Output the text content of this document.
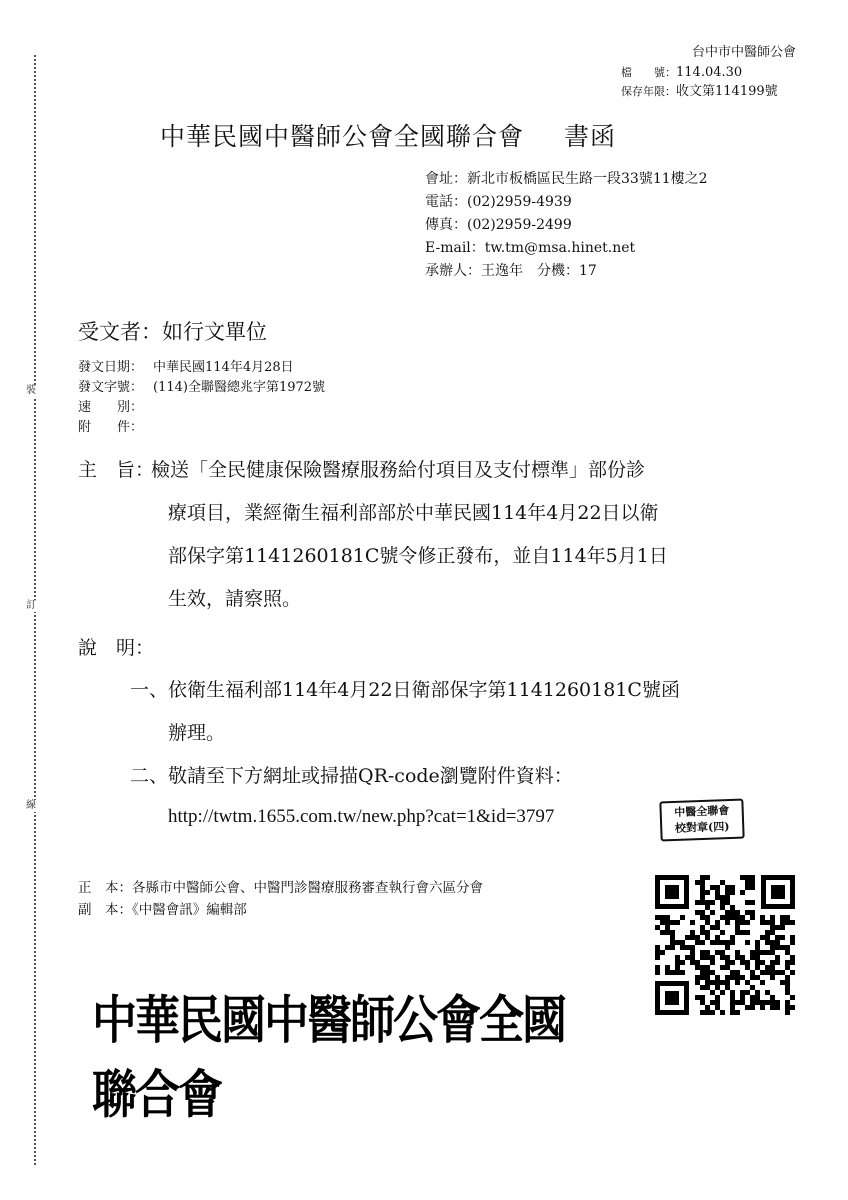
裝
訂
線
台中市中醫師公會
檔　　號：114.04.30
保存年限：收文第114199號
中華民國中醫師公會全國聯合會 書函
會址：新北市板橋區民生路一段33號11樓之2
電話：(02)2959-4939
傳真：(02)2959-2499
E-mail：tw.tm@msa.hinet.net
承辦人：王逸年　分機：17
受文者：如行文單位
發文日期： 中華民國114年4月28日
發文字號： (114)全聯醫總兆字第1972號
速　　別：
附　　件：
主　旨：
檢送「全民健康保險醫療服務給付項目及支付標準」部份診
療項目，業經衛生福利部部於中華民國114年4月22日以衛
部保字第1141260181C號令修正發布，並自114年5月1日
生效，請察照。
說　明：
一、依衛生福利部114年4月22日衛部保字第1141260181C號函
辦理。
二、敬請至下方網址或掃描QR-code瀏覽附件資料：
http://twtm.1655.com.tw/new.php?cat=1&id=3797	中醫全聯會
校對章(四)
正　本：各縣市中醫師公會、中醫門診醫療服務審查執行會六區分會
副　本：《中醫會訊》編輯部
中華民國中醫師公會全國聯合會
